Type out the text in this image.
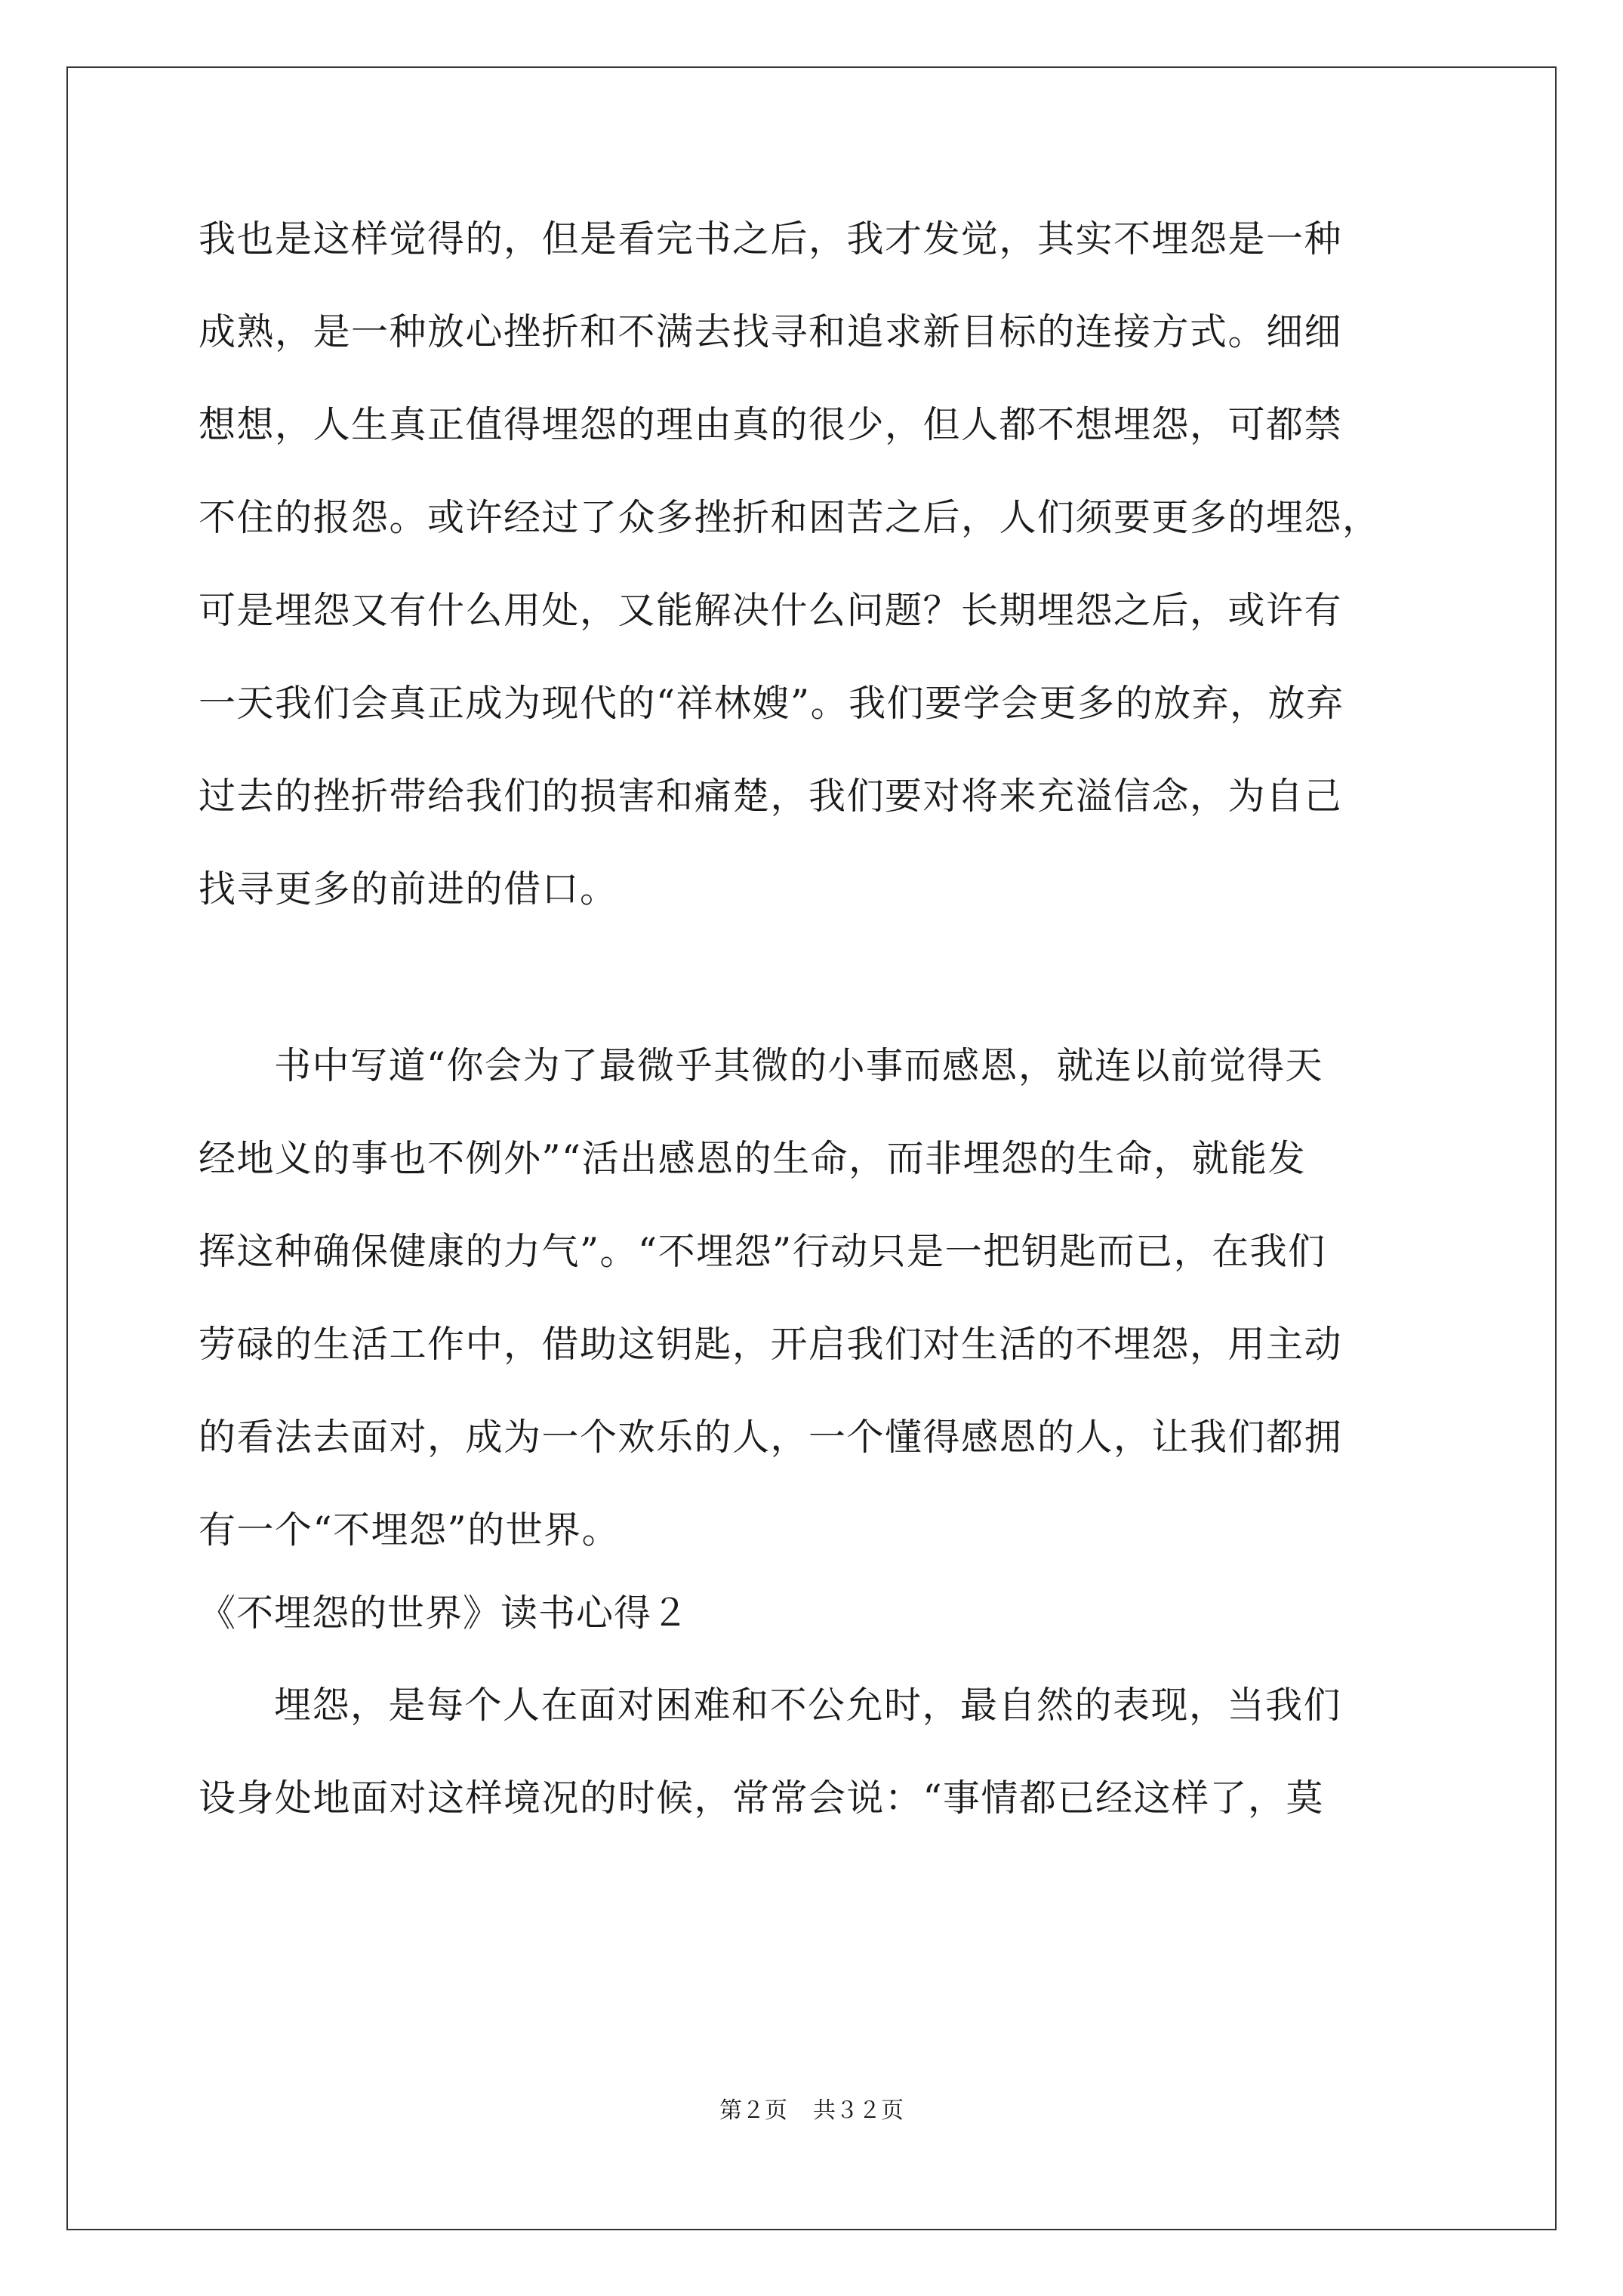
我也是这样觉得的，但是看完书之后，我才发觉，其实不埋怨是一种
成熟，是一种放心挫折和不满去找寻和追求新目标的连接方式。细细
想想，人生真正值得埋怨的理由真的很少，但人都不想埋怨，可都禁
不住的报怨。或许经过了众多挫折和困苦之后，人们须要更多的埋怨，
可是埋怨又有什么用处，又能解决什么问题？长期埋怨之后，或许有
一天我们会真正成为现代的“祥林嫂”。我们要学会更多的放弃，放弃
过去的挫折带给我们的损害和痛楚，我们要对将来充溢信念，为自己
找寻更多的前进的借口。
书中写道“你会为了最微乎其微的小事而感恩，就连以前觉得天
经地义的事也不例外”“活出感恩的生命，而非埋怨的生命，就能发
挥这种确保健康的力气”。“不埋怨”行动只是一把钥匙而已，在我们
劳碌的生活工作中，借助这钥匙，开启我们对生活的不埋怨，用主动
的看法去面对，成为一个欢乐的人，一个懂得感恩的人，让我们都拥
有一个“不埋怨”的世界。
《不埋怨的世界》读书心得２
埋怨，是每个人在面对困难和不公允时，最自然的表现，当我们
设身处地面对这样境况的时候，常常会说：“事情都已经这样了，莫
第２页 共３２页
